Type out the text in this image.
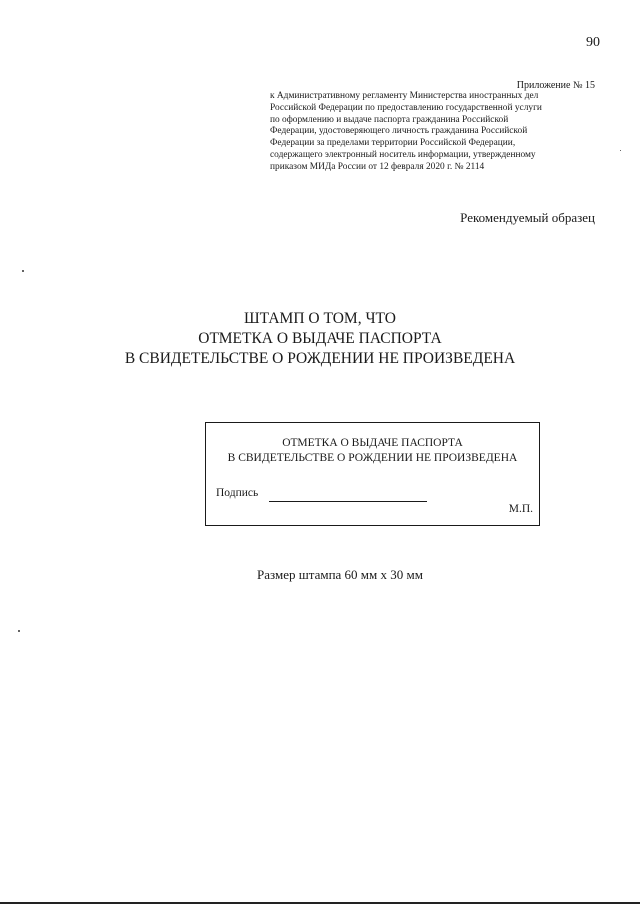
90
Приложение № 15
к Административному регламенту Министерства иностранных дел
Российской Федерации по предоставлению государственной услуги
по оформлению и выдаче паспорта гражданина Российской
Федерации, удостоверяющего личность гражданина Российской
Федерации за пределами территории Российской Федерации,
содержащего электронный носитель информации, утвержденному
приказом МИДа России от 12 февраля 2020 г. № 2114
Рекомендуемый образец
ШТАМП О ТОМ, ЧТО
ОТМЕТКА О ВЫДАЧЕ ПАСПОРТА
В СВИДЕТЕЛЬСТВЕ О РОЖДЕНИИ НЕ ПРОИЗВЕДЕНА
ОТМЕТКА О ВЫДАЧЕ ПАСПОРТА
В СВИДЕТЕЛЬСТВЕ О РОЖДЕНИИ НЕ ПРОИЗВЕДЕНА
Подпись
М.П.
Размер штампа 60 мм x 30 мм
